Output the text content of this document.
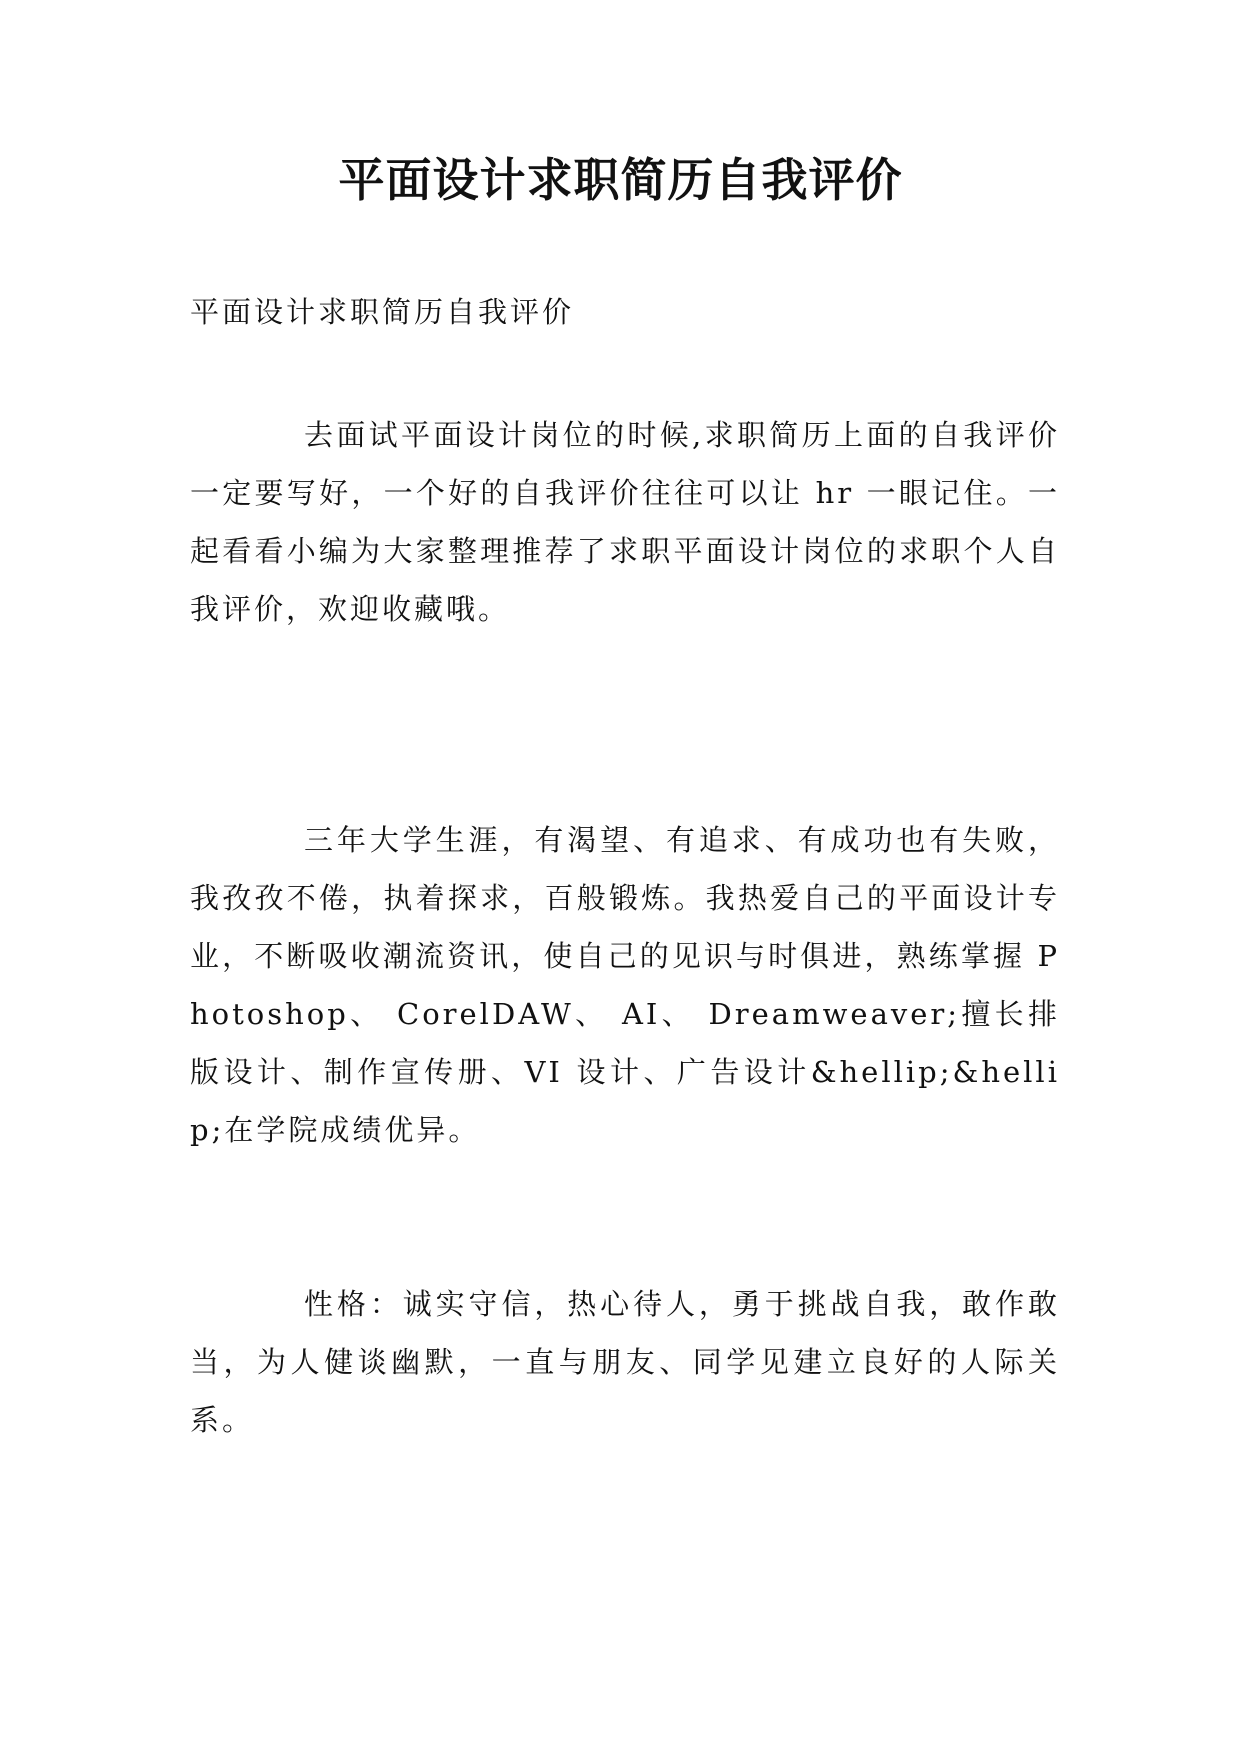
平面设计求职简历自我评价

平面设计求职简历自我评价

去面试平面设计岗位的时候,求职简历上面的自我评价一定要写好，一个好的自我评价往往可以让 hr 一眼记住。一起看看小编为大家整理推荐了求职平面设计岗位的求职个人自我评价，欢迎收藏哦。

三年大学生涯，有渴望、有追求、有成功也有失败，我孜孜不倦，执着探求，百般锻炼。我热爱自己的平面设计专业，不断吸收潮流资讯，使自己的见识与时俱进，熟练掌握 Photoshop、 CorelDAW、 AI、 Dreamweaver;擅长排版设计、制作宣传册、VI 设计、广告设计&hellip;&hellip;在学院成绩优异。

性格：诚实守信，热心待人，勇于挑战自我，敢作敢当，为人健谈幽默，一直与朋友、同学见建立良好的人际关系。
